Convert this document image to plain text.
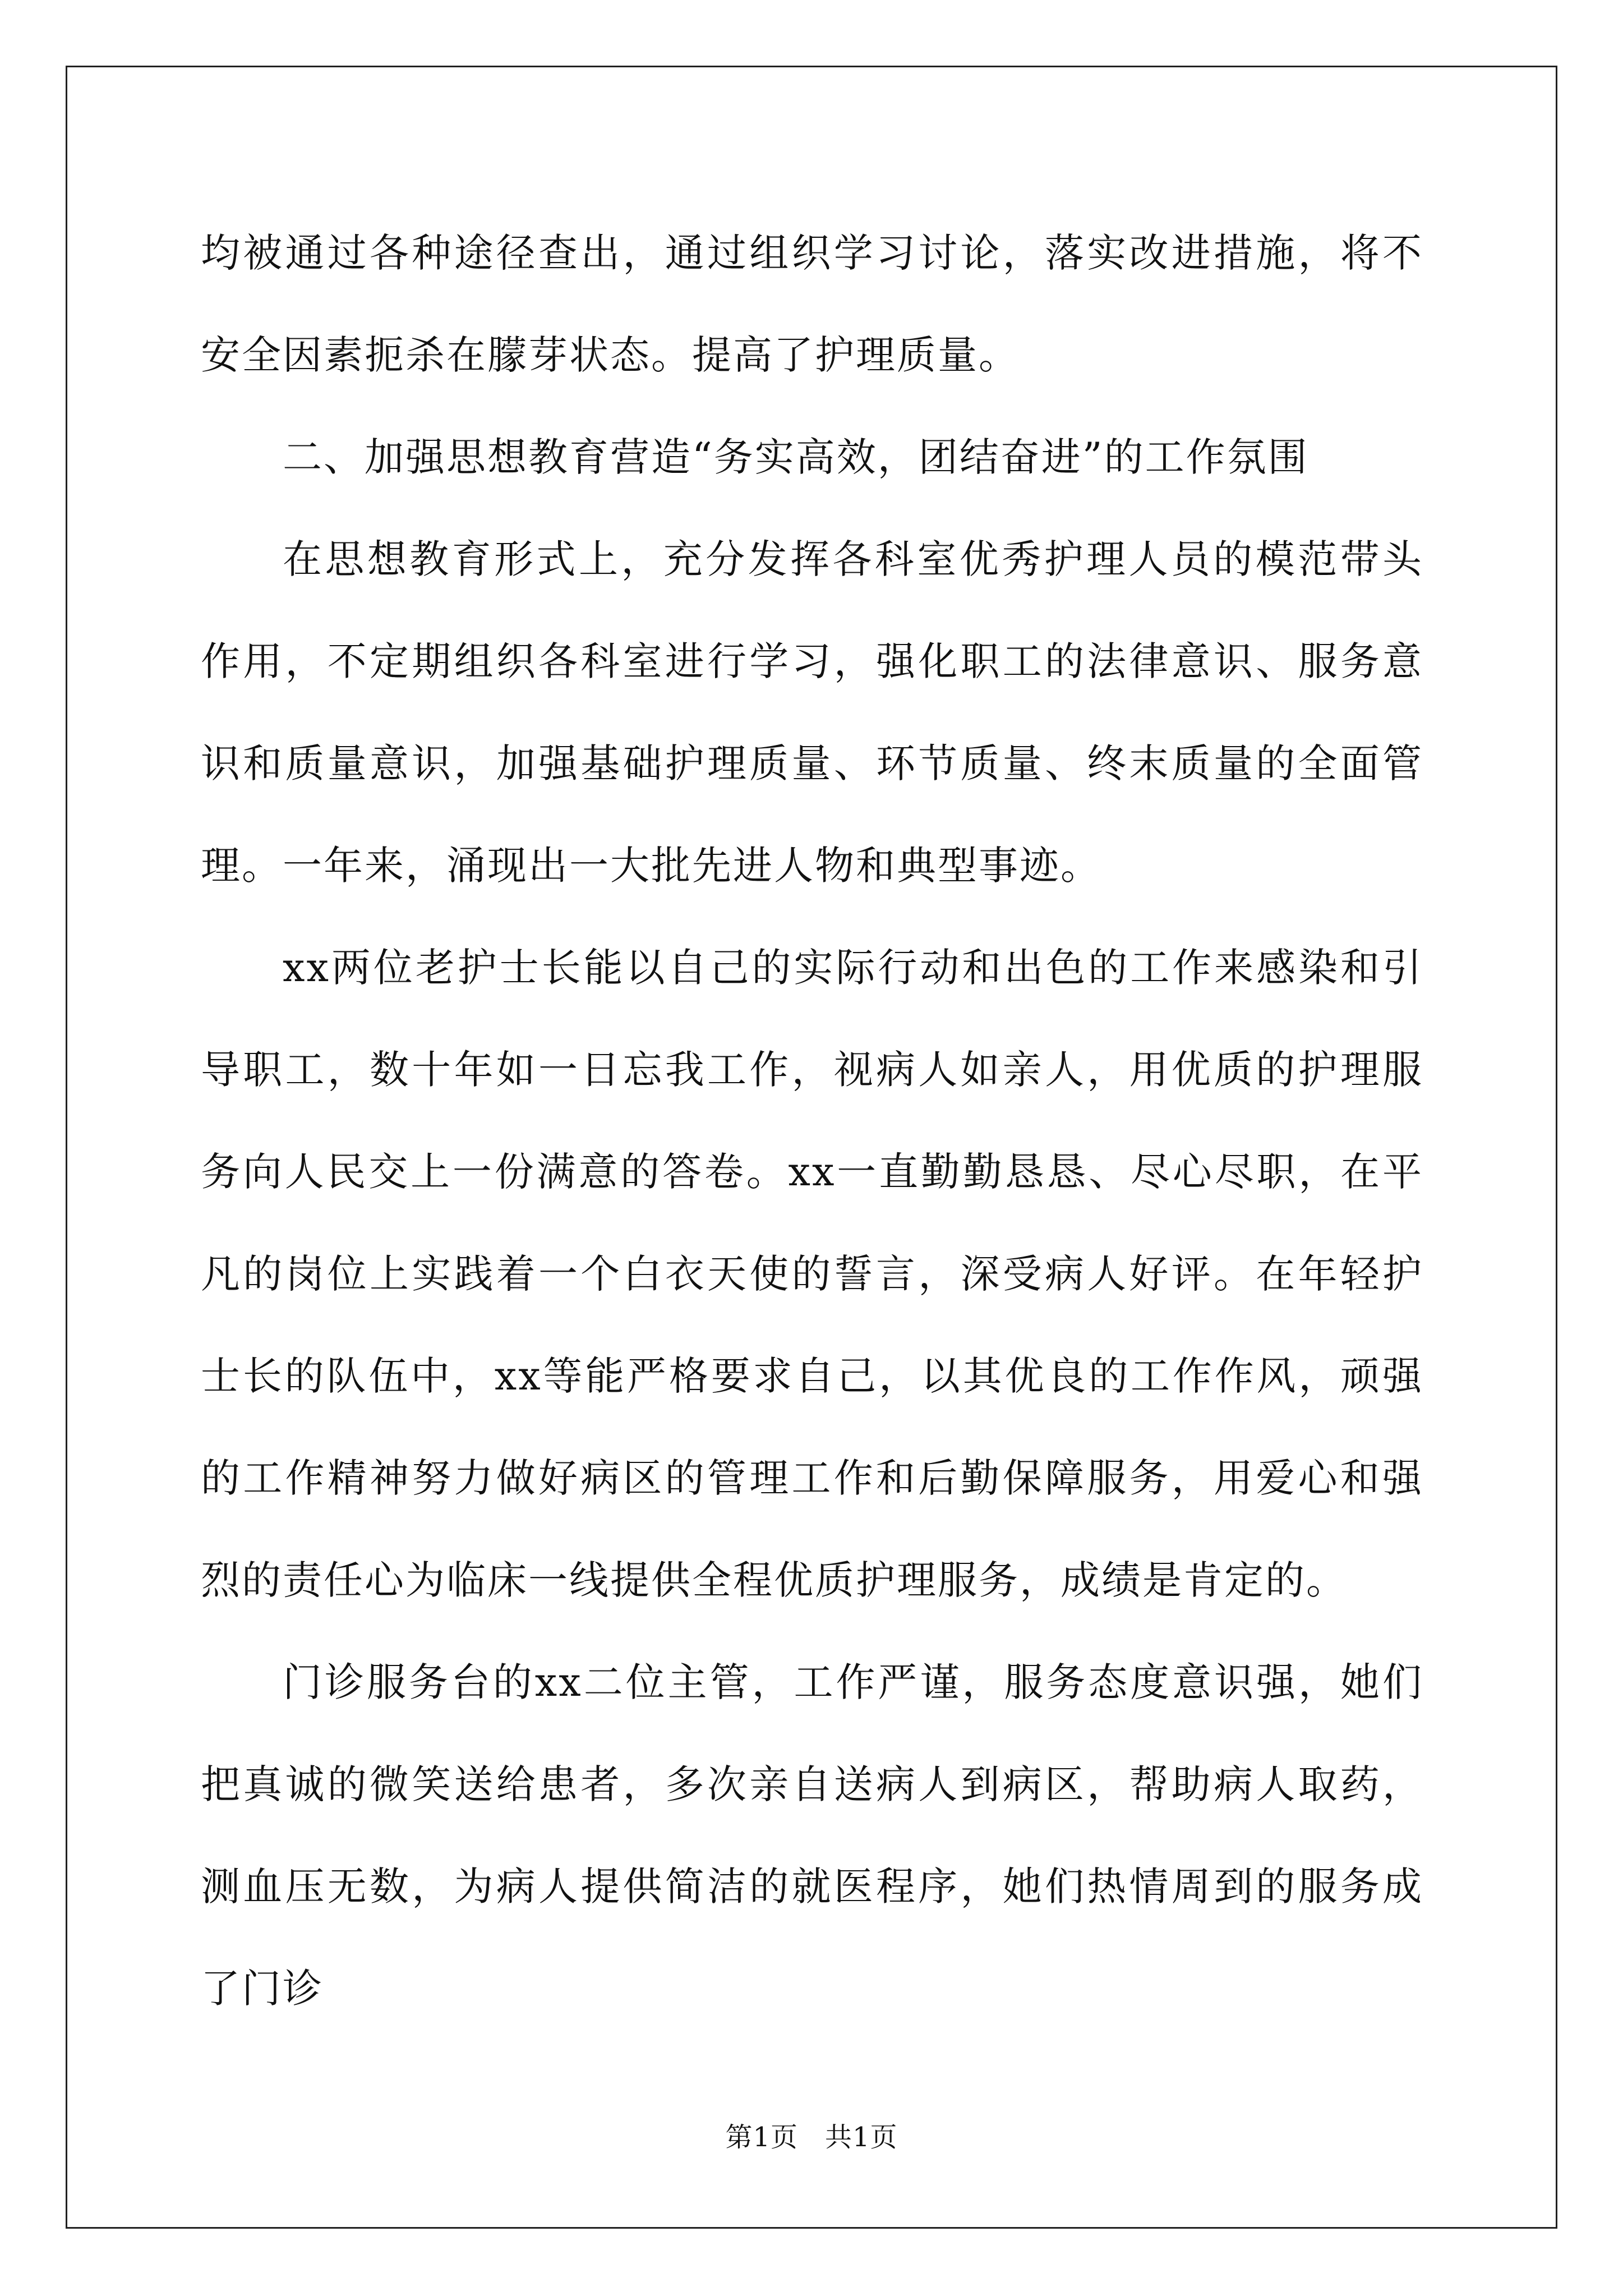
均被通过各种途径查出，通过组织学习讨论，落实改进措施，将不安全因素扼杀在朦芽状态。提高了护理质量。

二、加强思想教育营造“务实高效，团结奋进”的工作氛围

在思想教育形式上，充分发挥各科室优秀护理人员的模范带头作用，不定期组织各科室进行学习，强化职工的法律意识、服务意识和质量意识，加强基础护理质量、环节质量、终末质量的全面管理。一年来，涌现出一大批先进人物和典型事迹。

xx两位老护士长能以自己的实际行动和出色的工作来感染和引导职工，数十年如一日忘我工作，视病人如亲人，用优质的护理服务向人民交上一份满意的答卷。xx一直勤勤恳恳、尽心尽职，在平凡的岗位上实践着一个白衣天使的誓言，深受病人好评。在年轻护士长的队伍中，xx等能严格要求自己，以其优良的工作作风，顽强的工作精神努力做好病区的管理工作和后勤保障服务，用爱心和强烈的责任心为临床一线提供全程优质护理服务，成绩是肯定的。

门诊服务台的xx二位主管，工作严谨，服务态度意识强，她们把真诚的微笑送给患者，多次亲自送病人到病区，帮助病人取药，测血压无数，为病人提供简洁的就医程序，她们热情周到的服务成了门诊

第1页 共1页
